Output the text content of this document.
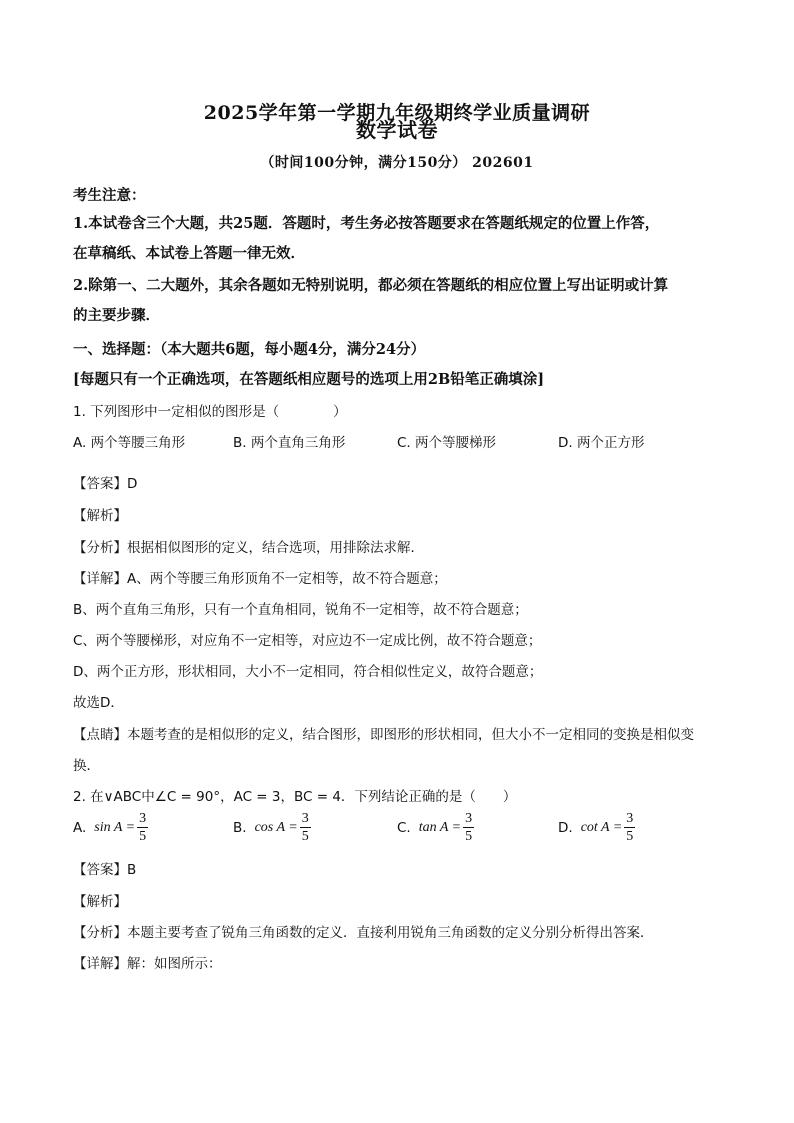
2025学年第一学期九年级期终学业质量调研
数学试卷
（时间100分钟，满分150分） 202601
考生注意：
1.本试卷含三个大题，共25题．答题时，考生务必按答题要求在答题纸规定的位置上作答，
在草稿纸、本试卷上答题一律无效．
2.除第一、二大题外，其余各题如无特别说明，都必须在答题纸的相应位置上写出证明或计算
的主要步骤．
一、选择题：（本大题共6题，每小题4分，满分24分）
[每题只有一个正确选项，在答题纸相应题号的选项上用2B铅笔正确填涂]
1. 下列图形中一定相似的图形是（　　　　）
A. 两个等腰三角形	B. 两个直角三角形	C. 两个等腰梯形	D. 两个正方形
【答案】D
【解析】
【分析】根据相似图形的定义，结合选项，用排除法求解．
【详解】A、两个等腰三角形顶角不一定相等，故不符合题意；
B、两个直角三角形，只有一个直角相同，锐角不一定相等，故不符合题意；
C、两个等腰梯形，对应角不一定相等，对应边不一定成比例，故不符合题意；
D、两个正方形，形状相同，大小不一定相同，符合相似性定义，故符合题意；
故选D．
【点睛】本题考查的是相似形的定义，结合图形，即图形的形状相同，但大小不一定相同的变换是相似变
换．
2. 在∨ABC中∠C = 90°，AC = 3，BC = 4．下列结论正确的是（　　）
A. $\sin A = \frac{3}{5}$	B. $\cos A = \frac{3}{5}$	C. $\tan A = \frac{3}{5}$	D. $\cot A = \frac{3}{5}$
【答案】B
【解析】
【分析】本题主要考查了锐角三角函数的定义．直接利用锐角三角函数的定义分别分析得出答案．
【详解】解：如图所示：
